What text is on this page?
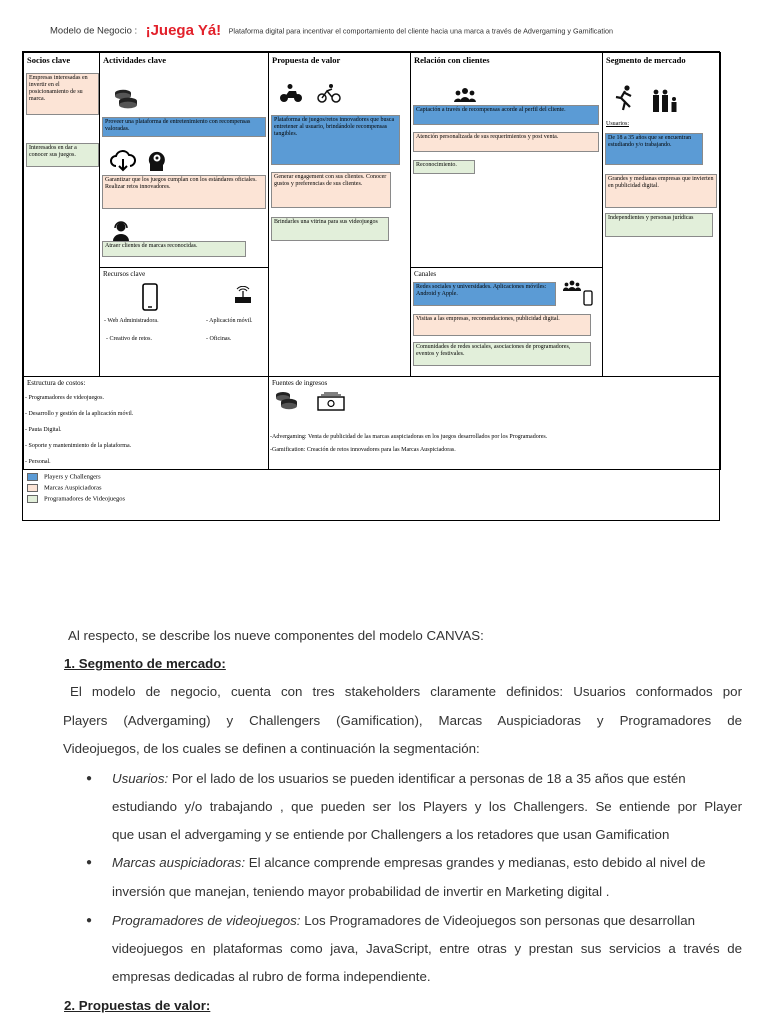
Modelo de Negocio : ¡Juega Yá! Plataforma digital para incentivar el comportamiento del cliente hacia una marca a través de Advergaming y Gamification
Socios clave
Empresas interesadas en invertir en el posicionamiento de su marca.
Interesados en dar a conocer sus juegos.
Actividades clave
Proveer una plataforma de entretenimiento con recompensas valoradas.
Garantizar que los juegos cumplan con los estándares oficiales. Realizar retos innovadores.
Atraer clientes de marcas reconocidas.
Recursos clave
- Web Administradora.	- Aplicación móvil.
- Creativo de retos.	- Oficinas.
Propuesta de valor
Plataforma de juegos/retos innovadores que busca entretener al usuario, brindándole recompensas tangibles.
Generar engagement con sus clientes. Conocer gustos y preferencias de sus clientes.
Brindarles una vitrina para sus videojuegos
Relación con clientes
Captación a través de recompensas acorde al perfil del cliente.
Atención personalizada de sus requerimientos y post venta.
Reconocimiento.
Canales
Redes sociales y universidades. Aplicaciones móviles: Android y Apple.
Visitas a las empresas, recomendaciones, publicidad digital.
Comunidades de redes sociales, asociaciones de programadores, eventos y festivales.
Segmento de mercado
Usuarios:
De 18 a 35 años que se encuentran estudiando y/o trabajando.
Grandes y medianas empresas que invierten en publicidad digital.
Independientes y personas jurídicas
Estructura de costos:
- Programadores de videojuegos.
- Desarrollo y gestión de la aplicación móvil.
- Pauta Digital.
- Soporte y mantenimiento de la plataforma.
- Personal.
Fuentes de ingresos
-Advergaming: Venta de publicidad de las marcas auspiciadoras en los juegos desarrollados por los Programadores.
-Gamification: Creación de retos innovadores para las Marcas Auspiciadoras.
Players y Challengers
Marcas Auspiciadoras
Programadores de Videojuegos
Al respecto, se describe los nueve componentes del modelo CANVAS:
1. Segmento de mercado:
El modelo de negocio, cuenta con tres stakeholders claramente definidos: Usuarios conformados por
Players (Advergaming) y Challengers (Gamification), Marcas Auspiciadoras y Programadores de
Videojuegos, de los cuales se definen a continuación la segmentación:
● Usuarios: Por el lado de los usuarios se pueden identificar a personas de 18 a 35 años que estén
estudiando y/o trabajando , que pueden ser los Players y los Challengers. Se entiende por Player
que usan el advergaming y se entiende por Challengers a los retadores que usan Gamification
● Marcas auspiciadoras: El alcance comprende empresas grandes y medianas, esto debido al nivel de
inversión que manejan, teniendo mayor probabilidad de invertir en Marketing digital .
● Programadores de videojuegos: Los Programadores de Videojuegos son personas que desarrollan
videojuegos en plataformas como java, JavaScript, entre otras y prestan sus servicios a través de
empresas dedicadas al rubro de forma independiente.
2. Propuestas de valor:
